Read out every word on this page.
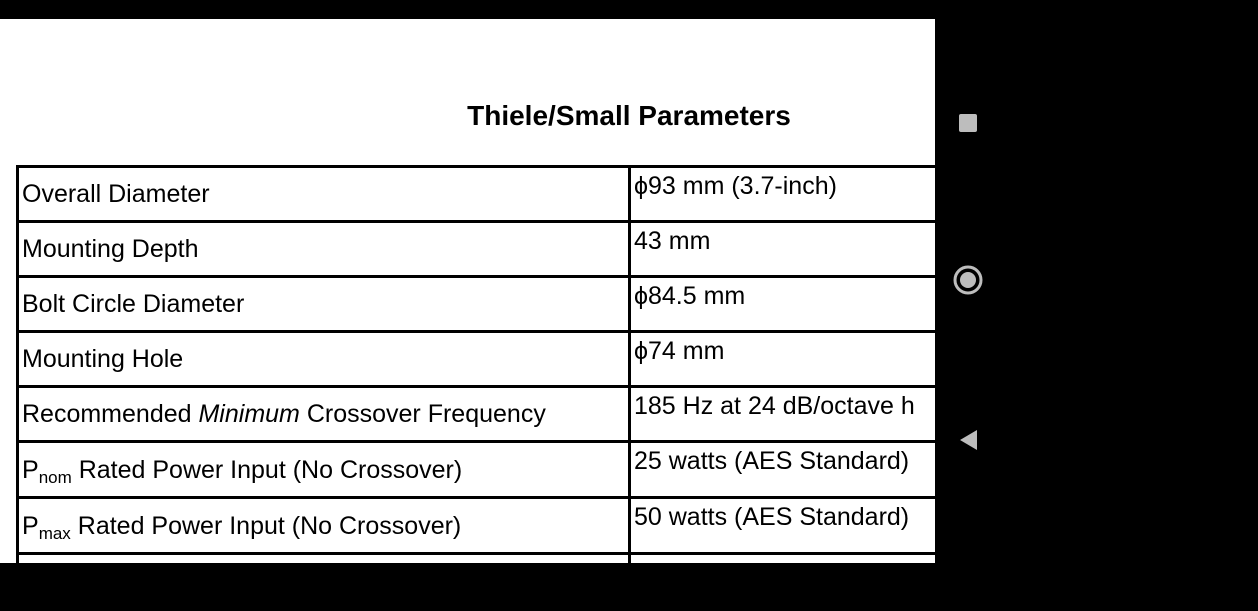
Thiele/Small Parameters
Overall Diameter	ϕ93 mm (3.7-inch)
Mounting Depth	43 mm
Bolt Circle Diameter	ϕ84.5 mm
Mounting Hole	ϕ74 mm
Recommended Minimum Crossover Frequency	185 Hz at 24 dB/octave h
$P_{nom}$ Rated Power Input (No Crossover)	25 watts (AES Standard)
$P_{max}$ Rated Power Input (No Crossover)	50 watts (AES Standard)
$P_{max}$ (With Recommended Minimum Crossover)	125 watts
